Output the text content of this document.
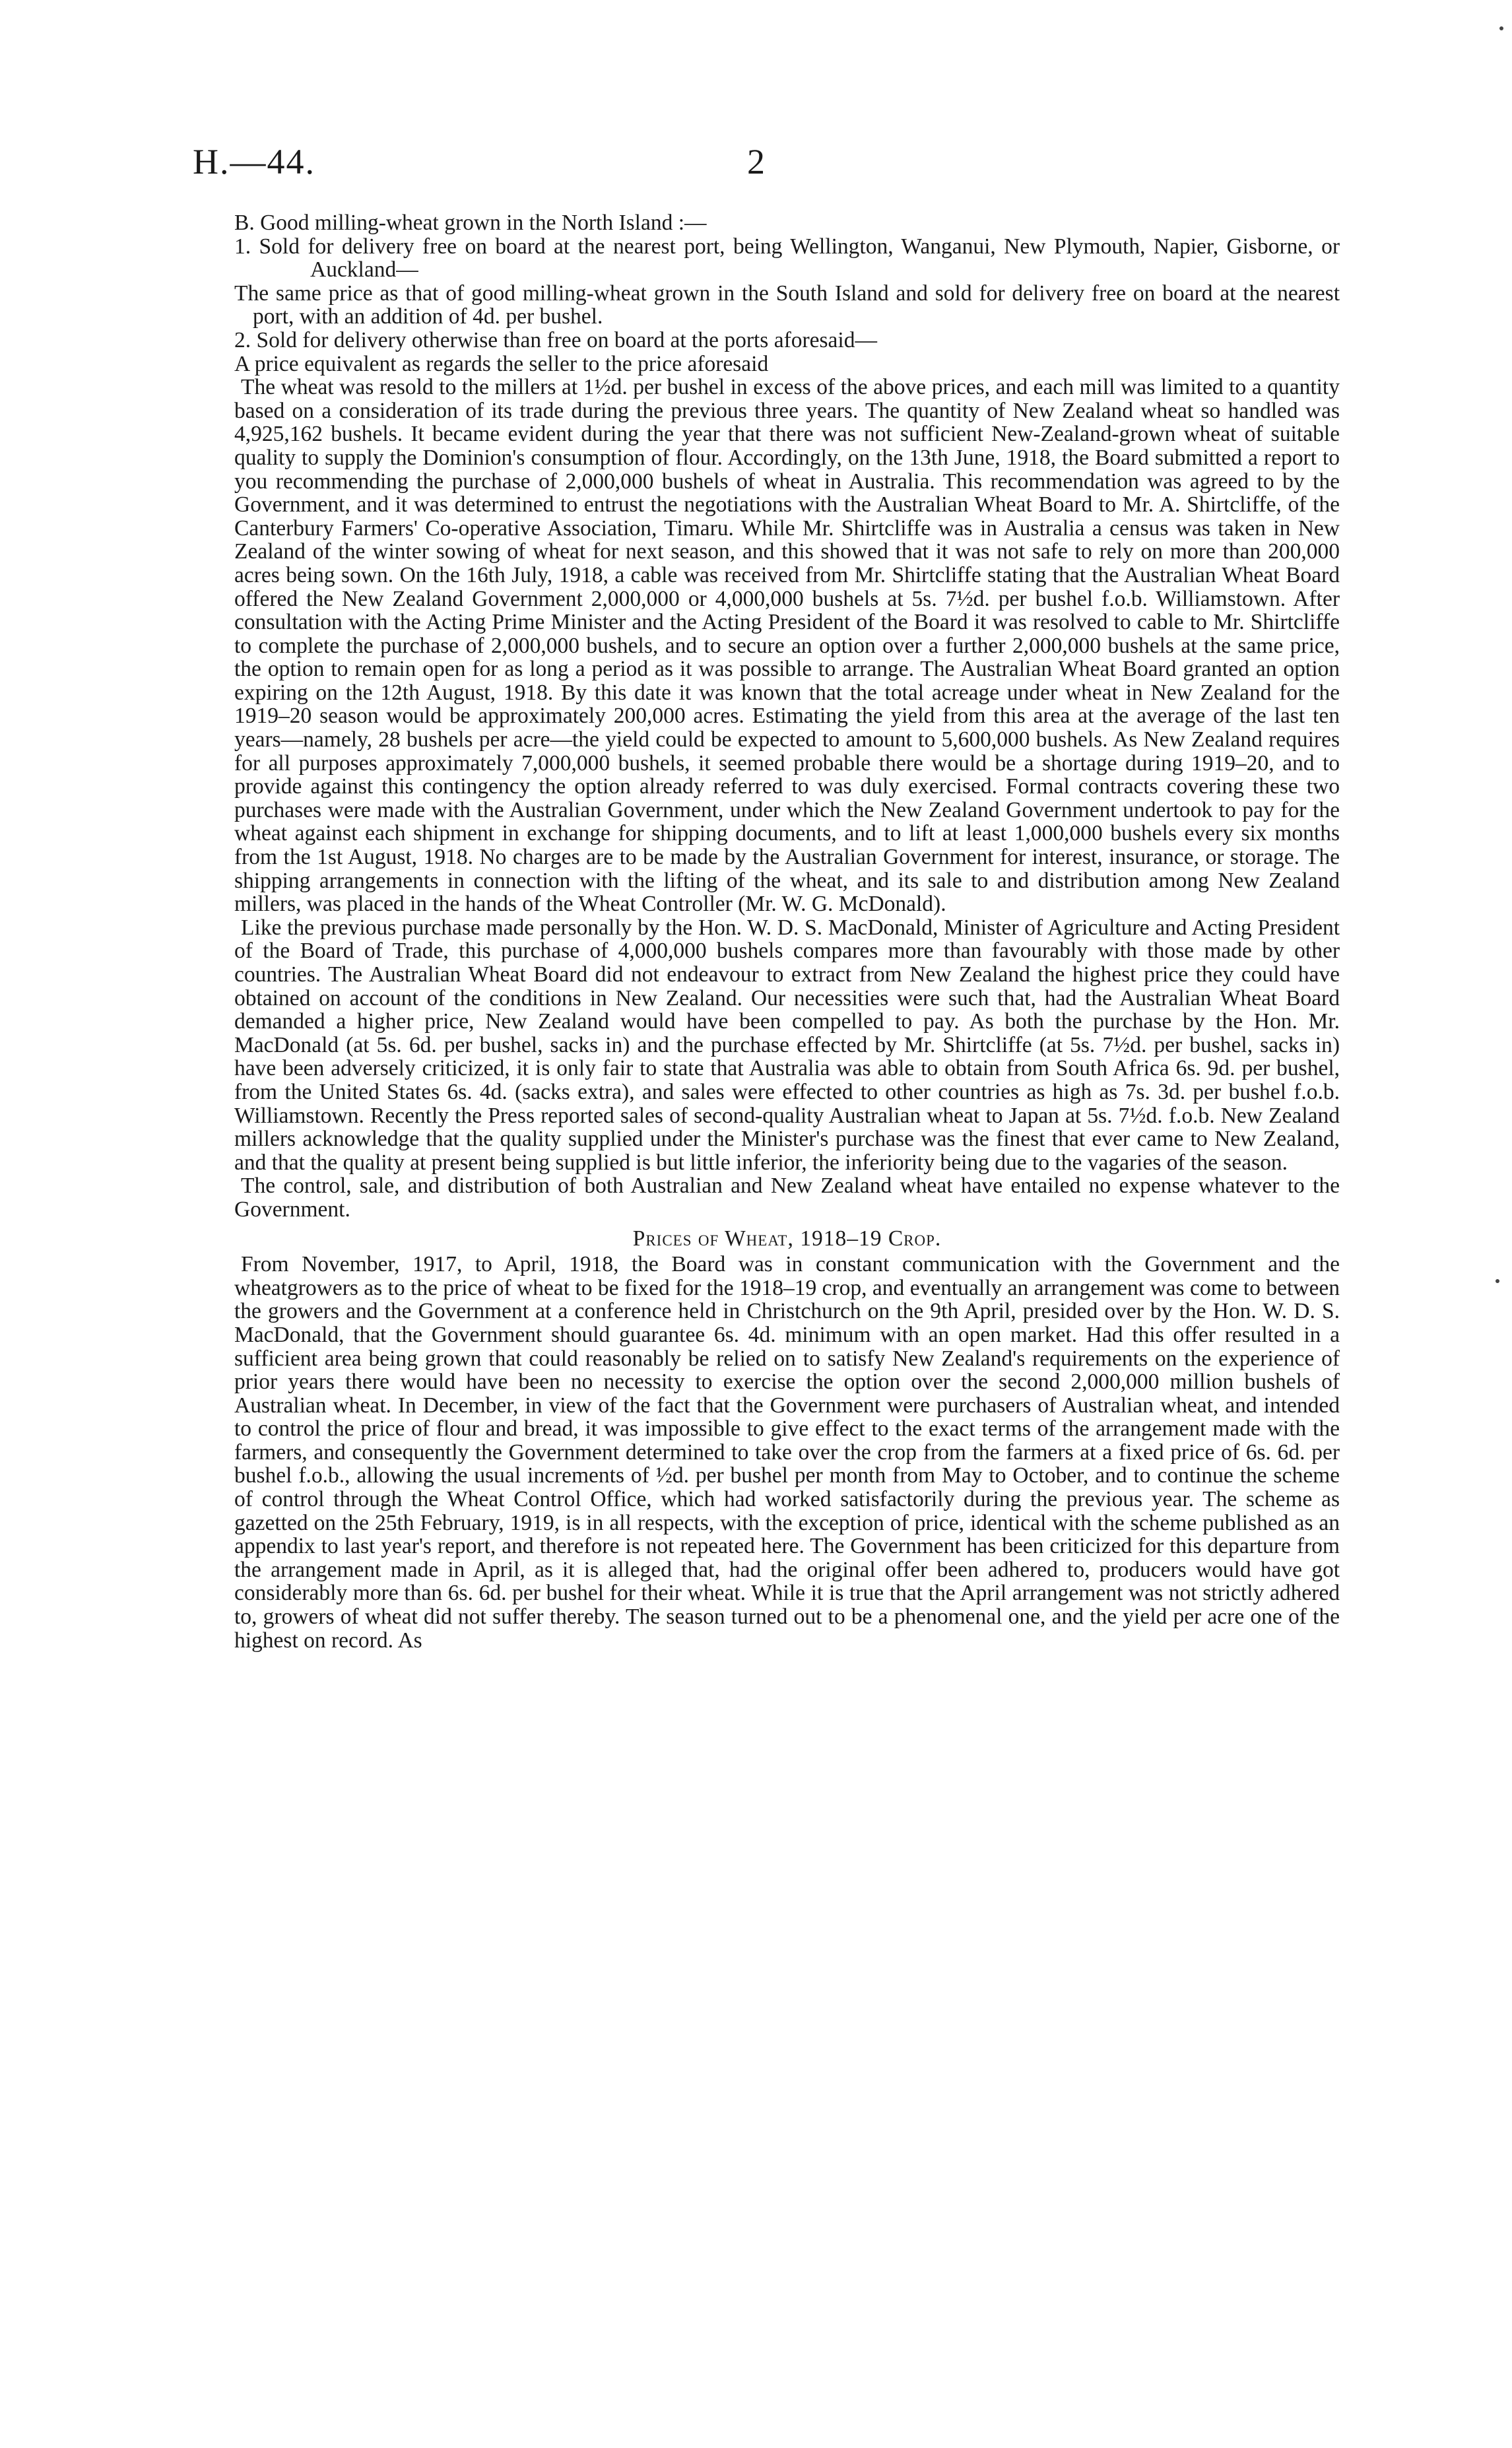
H.—44.	2

B. Good milling-wheat grown in the North Island :—

1. Sold for delivery free on board at the nearest port, being Wellington, Wanganui, New Plymouth, Napier, Gisborne, or Auckland—

The same price as that of good milling-wheat grown in the South Island and sold for delivery free on board at the nearest port, with an addition of 4d. per bushel.

2. Sold for delivery otherwise than free on board at the ports aforesaid—

A price equivalent as regards the seller to the price aforesaid

The wheat was resold to the millers at 1½d. per bushel in excess of the above prices, and each mill was limited to a quantity based on a consideration of its trade during the previous three years. The quantity of New Zealand wheat so handled was 4,925,162 bushels. It became evident during the year that there was not sufficient New-Zealand-grown wheat of suitable quality to supply the Dominion's consumption of flour. Accordingly, on the 13th June, 1918, the Board submitted a report to you recommending the purchase of 2,000,000 bushels of wheat in Australia. This recommendation was agreed to by the Government, and it was determined to entrust the negotiations with the Australian Wheat Board to Mr. A. Shirtcliffe, of the Canterbury Farmers' Co-operative Association, Timaru. While Mr. Shirtcliffe was in Australia a census was taken in New Zealand of the winter sowing of wheat for next season, and this showed that it was not safe to rely on more than 200,000 acres being sown. On the 16th July, 1918, a cable was received from Mr. Shirtcliffe stating that the Australian Wheat Board offered the New Zealand Government 2,000,000 or 4,000,000 bushels at 5s. 7½d. per bushel f.o.b. Williamstown. After consultation with the Acting Prime Minister and the Acting President of the Board it was resolved to cable to Mr. Shirtcliffe to complete the purchase of 2,000,000 bushels, and to secure an option over a further 2,000,000 bushels at the same price, the option to remain open for as long a period as it was possible to arrange. The Australian Wheat Board granted an option expiring on the 12th August, 1918. By this date it was known that the total acreage under wheat in New Zealand for the 1919–20 season would be approximately 200,000 acres. Estimating the yield from this area at the average of the last ten years—namely, 28 bushels per acre—the yield could be expected to amount to 5,600,000 bushels. As New Zealand requires for all purposes approximately 7,000,000 bushels, it seemed probable there would be a shortage during 1919–20, and to provide against this contingency the option already referred to was duly exercised. Formal contracts covering these two purchases were made with the Australian Government, under which the New Zealand Government undertook to pay for the wheat against each shipment in exchange for shipping documents, and to lift at least 1,000,000 bushels every six months from the 1st August, 1918. No charges are to be made by the Australian Government for interest, insurance, or storage. The shipping arrangements in connection with the lifting of the wheat, and its sale to and distribution among New Zealand millers, was placed in the hands of the Wheat Controller (Mr. W. G. McDonald).

Like the previous purchase made personally by the Hon. W. D. S. MacDonald, Minister of Agriculture and Acting President of the Board of Trade, this purchase of 4,000,000 bushels compares more than favourably with those made by other countries. The Australian Wheat Board did not endeavour to extract from New Zealand the highest price they could have obtained on account of the conditions in New Zealand. Our necessities were such that, had the Australian Wheat Board demanded a higher price, New Zealand would have been compelled to pay. As both the purchase by the Hon. Mr. MacDonald (at 5s. 6d. per bushel, sacks in) and the purchase effected by Mr. Shirtcliffe (at 5s. 7½d. per bushel, sacks in) have been adversely criticized, it is only fair to state that Australia was able to obtain from South Africa 6s. 9d. per bushel, from the United States 6s. 4d. (sacks extra), and sales were effected to other countries as high as 7s. 3d. per bushel f.o.b. Williamstown. Recently the Press reported sales of second-quality Australian wheat to Japan at 5s. 7½d. f.o.b. New Zealand millers acknowledge that the quality supplied under the Minister's purchase was the finest that ever came to New Zealand, and that the quality at present being supplied is but little inferior, the inferiority being due to the vagaries of the season.

The control, sale, and distribution of both Australian and New Zealand wheat have entailed no expense whatever to the Government.

Prices of Wheat, 1918–19 Crop.

From November, 1917, to April, 1918, the Board was in constant communication with the Government and the wheatgrowers as to the price of wheat to be fixed for the 1918–19 crop, and eventually an arrangement was come to between the growers and the Government at a conference held in Christchurch on the 9th April, presided over by the Hon. W. D. S. MacDonald, that the Government should guarantee 6s. 4d. minimum with an open market. Had this offer resulted in a sufficient area being grown that could reasonably be relied on to satisfy New Zealand's requirements on the experience of prior years there would have been no necessity to exercise the option over the second 2,000,000 million bushels of Australian wheat. In December, in view of the fact that the Government were purchasers of Australian wheat, and intended to control the price of flour and bread, it was impossible to give effect to the exact terms of the arrangement made with the farmers, and consequently the Government determined to take over the crop from the farmers at a fixed price of 6s. 6d. per bushel f.o.b., allowing the usual increments of ½d. per bushel per month from May to October, and to continue the scheme of control through the Wheat Control Office, which had worked satisfactorily during the previous year. The scheme as gazetted on the 25th February, 1919, is in all respects, with the exception of price, identical with the scheme published as an appendix to last year's report, and therefore is not repeated here. The Government has been criticized for this departure from the arrangement made in April, as it is alleged that, had the original offer been adhered to, producers would have got considerably more than 6s. 6d. per bushel for their wheat. While it is true that the April arrangement was not strictly adhered to, growers of wheat did not suffer thereby. The season turned out to be a phenomenal one, and the yield per acre one of the highest on record. As
